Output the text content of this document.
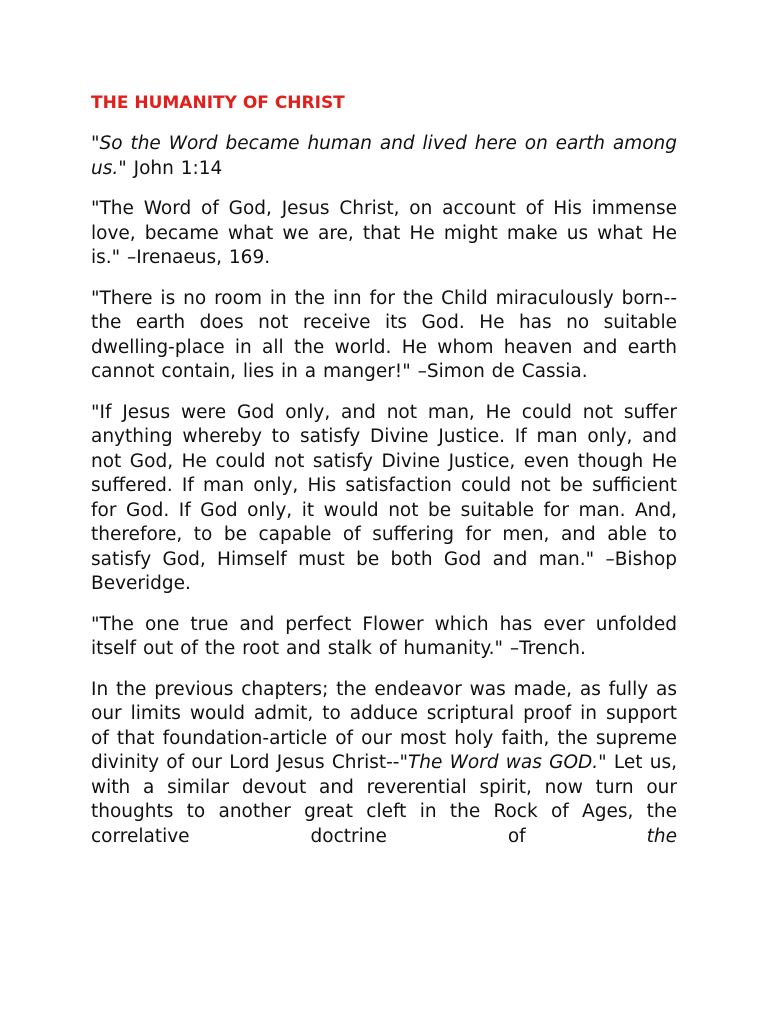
THE HUMANITY OF CHRIST

"So the Word became human and lived here on earth among us." John 1:14

"The Word of God, Jesus Christ, on account of His immense love, became what we are, that He might make us what He is." –Irenaeus, 169.

"There is no room in the inn for the Child miraculously born--the earth does not receive its God. He has no suitable dwelling-place in all the world. He whom heaven and earth cannot contain, lies in a manger!" –Simon de Cassia.

"If Jesus were God only, and not man, He could not suffer anything whereby to satisfy Divine Justice. If man only, and not God, He could not satisfy Divine Justice, even though He suffered. If man only, His satisfaction could not be sufficient for God. If God only, it would not be suitable for man. And, therefore, to be capable of suffering for men, and able to satisfy God, Himself must be both God and man." –Bishop Beveridge.

"The one true and perfect Flower which has ever unfolded itself out of the root and stalk of humanity." –Trench.

In the previous chapters; the endeavor was made, as fully as our limits would admit, to adduce scriptural proof in support of that foundation-article of our most holy faith, the supreme divinity of our Lord Jesus Christ--"The Word was GOD." Let us, with a similar devout and reverential spirit, now turn our thoughts to another great cleft in the Rock of Ages, the correlative doctrine of the
